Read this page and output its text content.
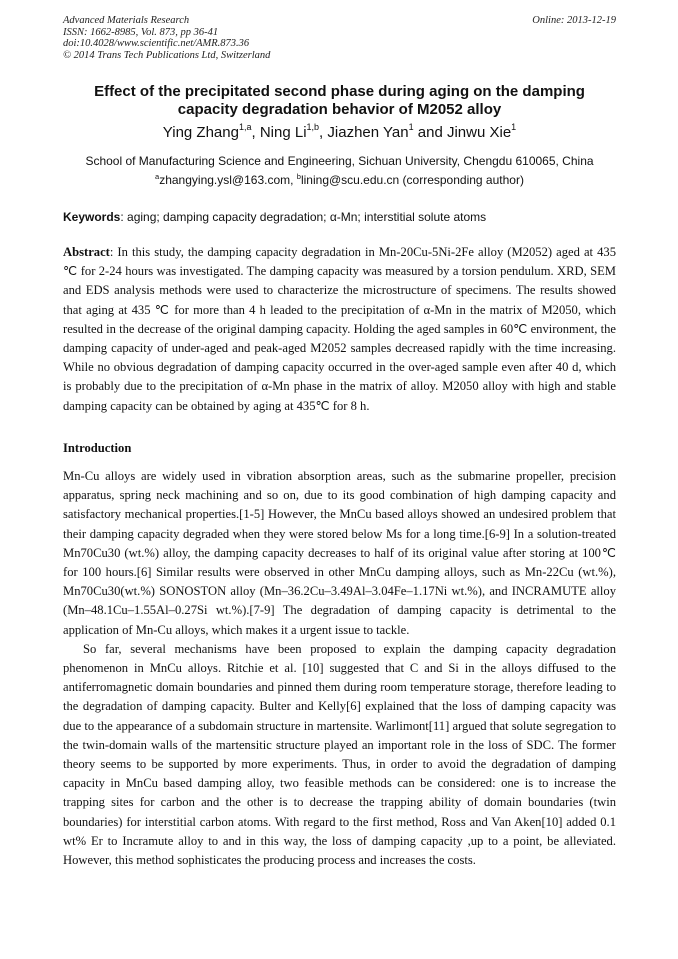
Advanced Materials Research
ISSN: 1662-8985, Vol. 873, pp 36-41
doi:10.4028/www.scientific.net/AMR.873.36
© 2014 Trans Tech Publications Ltd, Switzerland
Online: 2013-12-19
Effect of the precipitated second phase during aging on the damping capacity degradation behavior of M2052 alloy
Ying Zhang$^{1,a}$, Ning Li$^{1,b}$, Jiazhen Yan$^1$ and Jinwu Xie$^1$
School of Manufacturing Science and Engineering, Sichuan University, Chengdu 610065, China
$^a$zhangying.ysl@163.com, $^b$lining@scu.edu.cn (corresponding author)
Keywords: aging; damping capacity degradation; α-Mn; interstitial solute atoms
Abstract: In this study, the damping capacity degradation in Mn-20Cu-5Ni-2Fe alloy (M2052) aged at 435 ℃ for 2-24 hours was investigated. The damping capacity was measured by a torsion pendulum. XRD, SEM and EDS analysis methods were used to characterize the microstructure of specimens. The results showed that aging at 435 ℃ for more than 4 h leaded to the precipitation of α-Mn in the matrix of M2050, which resulted in the decrease of the original damping capacity. Holding the aged samples in 60℃ environment, the damping capacity of under-aged and peak-aged M2052 samples decreased rapidly with the time increasing. While no obvious degradation of damping capacity occurred in the over-aged sample even after 40 d, which is probably due to the precipitation of α-Mn phase in the matrix of alloy. M2050 alloy with high and stable damping capacity can be obtained by aging at 435℃ for 8 h.
Introduction

Mn-Cu alloys are widely used in vibration absorption areas, such as the submarine propeller, precision apparatus, spring neck machining and so on, due to its good combination of high damping capacity and satisfactory mechanical properties.[1-5] However, the MnCu based alloys showed an undesired problem that their damping capacity degraded when they were stored below Ms for a long time.[6-9] In a solution-treated Mn70Cu30 (wt.%) alloy, the damping capacity decreases to half of its original value after storing at 100℃ for 100 hours.[6] Similar results were observed in other MnCu damping alloys, such as Mn-22Cu (wt.%), Mn70Cu30(wt.%) SONOSTON alloy (Mn–36.2Cu–3.49Al–3.04Fe–1.17Ni wt.%), and INCRAMUTE alloy (Mn–48.1Cu–1.55Al–0.27Si wt.%).[7-9] The degradation of damping capacity is detrimental to the application of Mn-Cu alloys, which makes it a urgent issue to tackle.

So far, several mechanisms have been proposed to explain the damping capacity degradation phenomenon in MnCu alloys. Ritchie et al. [10] suggested that C and Si in the alloys diffused to the antiferromagnetic domain boundaries and pinned them during room temperature storage, therefore leading to the degradation of damping capacity. Bulter and Kelly[6] explained that the loss of damping capacity was due to the appearance of a subdomain structure in martensite. Warlimont[11] argued that solute segregation to the twin-domain walls of the martensitic structure played an important role in the loss of SDC. The former theory seems to be supported by more experiments. Thus, in order to avoid the degradation of damping capacity in MnCu based damping alloy, two feasible methods can be considered: one is to increase the trapping sites for carbon and the other is to decrease the trapping ability of domain boundaries (twin boundaries) for interstitial carbon atoms. With regard to the first method, Ross and Van Aken[10] added 0.1 wt% Er to Incramute alloy to and in this way, the loss of damping capacity ,up to a point, be alleviated. However, this method sophisticates the producing process and increases the costs.
